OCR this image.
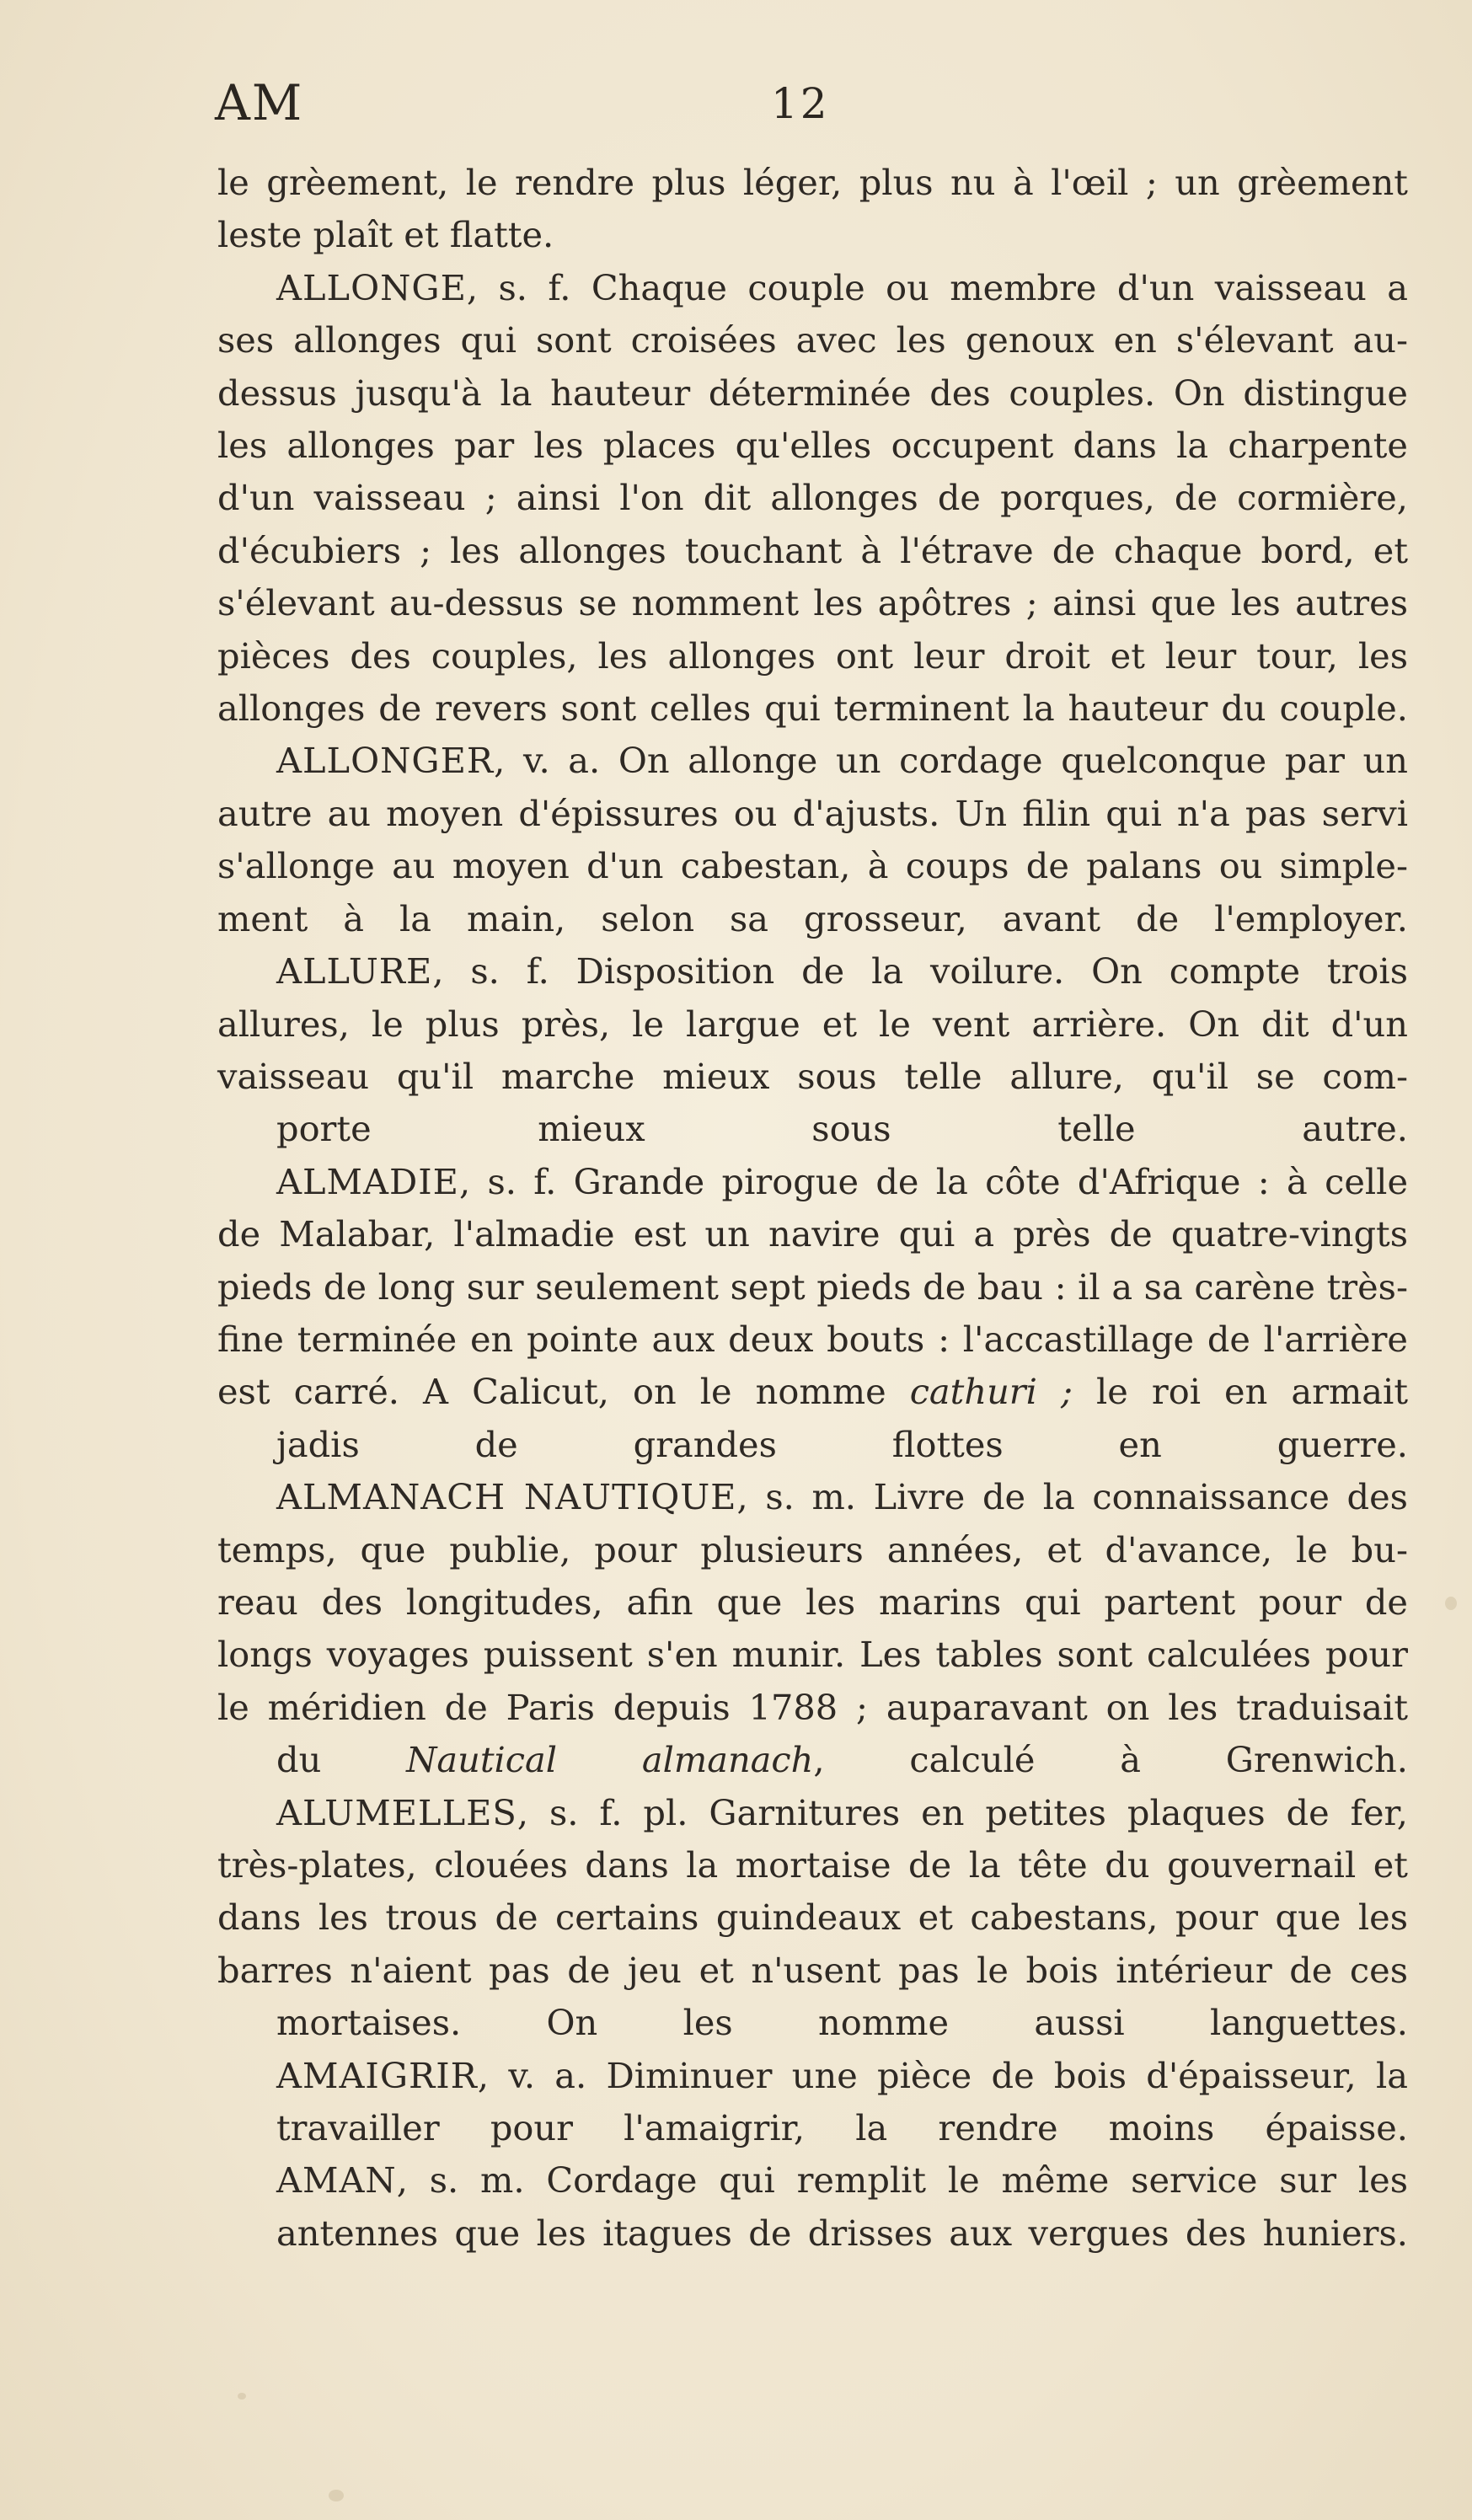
AM	12

le grèement, le rendre plus léger, plus nu à l'œil ; un grèement
leste plaît et flatte.

ALLONGE, s. f. Chaque couple ou membre d'un vaisseau a
ses allonges qui sont croisées avec les genoux en s'élevant au-
dessus jusqu'à la hauteur déterminée des couples. On distingue
les allonges par les places qu'elles occupent dans la charpente
d'un vaisseau ; ainsi l'on dit allonges de porques, de cormière,
d'écubiers ; les allonges touchant à l'étrave de chaque bord, et
s'élevant au-dessus se nomment les apôtres ; ainsi que les autres
pièces des couples, les allonges ont leur droit et leur tour, les
allonges de revers sont celles qui terminent la hauteur du couple.

ALLONGER, v. a. On allonge un cordage quelconque par un
autre au moyen d'épissures ou d'ajusts. Un filin qui n'a pas servi
s'allonge au moyen d'un cabestan, à coups de palans ou simple-
ment à la main, selon sa grosseur, avant de l'employer.

ALLURE, s. f. Disposition de la voilure. On compte trois
allures, le plus près, le largue et le vent arrière. On dit d'un
vaisseau qu'il marche mieux sous telle allure, qu'il se com-
porte mieux sous telle autre.

ALMADIE, s. f. Grande pirogue de la côte d'Afrique : à celle
de Malabar, l'almadie est un navire qui a près de quatre-vingts
pieds de long sur seulement sept pieds de bau : il a sa carène très-
fine terminée en pointe aux deux bouts : l'accastillage de l'arrière
est carré. A Calicut, on le nomme cathuri ; le roi en armait
jadis de grandes flottes en guerre.

ALMANACH NAUTIQUE, s. m. Livre de la connaissance des
temps, que publie, pour plusieurs années, et d'avance, le bu-
reau des longitudes, afin que les marins qui partent pour de
longs voyages puissent s'en munir. Les tables sont calculées pour
le méridien de Paris depuis 1788 ; auparavant on les traduisait
du Nautical almanach, calculé à Grenwich.

ALUMELLES, s. f. pl. Garnitures en petites plaques de fer,
très-plates, clouées dans la mortaise de la tête du gouvernail et
dans les trous de certains guindeaux et cabestans, pour que les
barres n'aient pas de jeu et n'usent pas le bois intérieur de ces
mortaises. On les nomme aussi languettes.

AMAIGRIR, v. a. Diminuer une pièce de bois d'épaisseur, la
travailler pour l'amaigrir, la rendre moins épaisse.

AMAN, s. m. Cordage qui remplit le même service sur les
antennes que les itagues de drisses aux vergues des huniers.
